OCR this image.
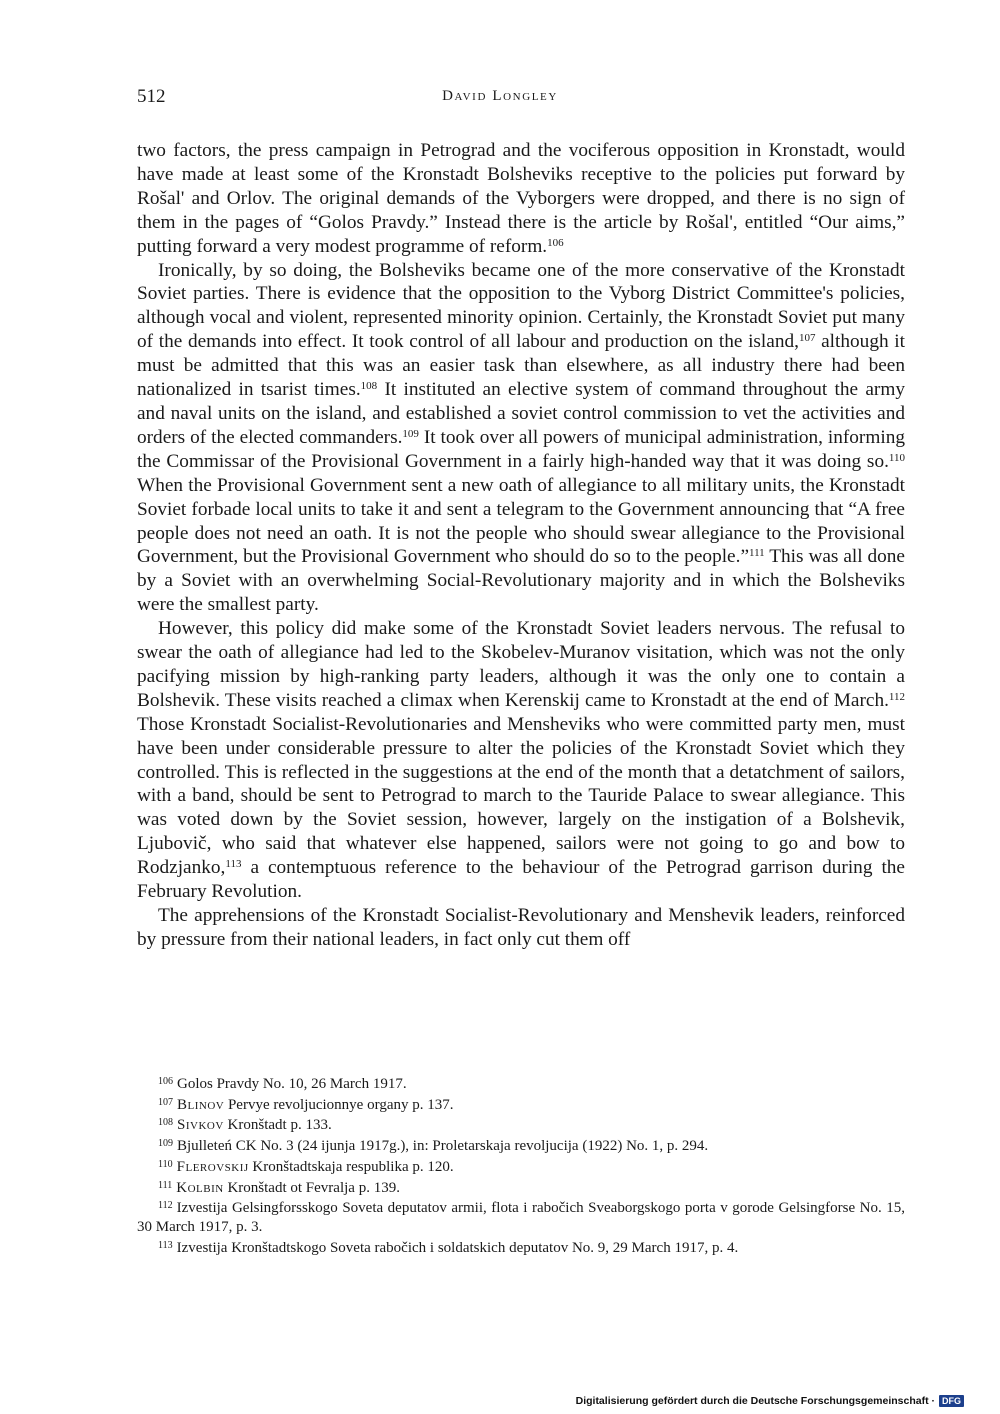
512	David Longley

two factors, the press campaign in Petrograd and the vociferous opposition in Kronstadt, would have made at least some of the Kronstadt Bolsheviks receptive to the policies put forward by Rošal' and Orlov. The original demands of the Vyborgers were dropped, and there is no sign of them in the pages of “Golos Pravdy.” Instead there is the article by Rošal', entitled “Our aims,” putting forward a very modest programme of reform.$^{106}$

Ironically, by so doing, the Bolsheviks became one of the more conservative of the Kronstadt Soviet parties. There is evidence that the opposition to the Vyborg District Committee's policies, although vocal and violent, represented minority opinion. Certainly, the Kronstadt Soviet put many of the demands into effect. It took control of all labour and production on the island,$^{107}$ although it must be admitted that this was an easier task than elsewhere, as all industry there had been nationalized in tsarist times.$^{108}$ It instituted an elective system of command throughout the army and naval units on the island, and established a soviet control commission to vet the activities and orders of the elected commanders.$^{109}$ It took over all powers of municipal administration, informing the Commissar of the Provisional Government in a fairly high-handed way that it was doing so.$^{110}$ When the Provisional Government sent a new oath of allegiance to all military units, the Kronstadt Soviet forbade local units to take it and sent a telegram to the Government announcing that “A free people does not need an oath. It is not the people who should swear allegiance to the Provisional Government, but the Provisional Government who should do so to the people.”$^{111}$ This was all done by a Soviet with an overwhelming Social-Revolutionary majority and in which the Bolsheviks were the smallest party.

However, this policy did make some of the Kronstadt Soviet leaders nervous. The refusal to swear the oath of allegiance had led to the Skobelev-Muranov visitation, which was not the only pacifying mission by high-ranking party leaders, although it was the only one to contain a Bolshevik. These visits reached a climax when Kerenskij came to Kronstadt at the end of March.$^{112}$ Those Kronstadt Socialist-Revolutionaries and Mensheviks who were committed party men, must have been under considerable pressure to alter the policies of the Kronstadt Soviet which they controlled. This is reflected in the suggestions at the end of the month that a detatchment of sailors, with a band, should be sent to Petrograd to march to the Tauride Palace to swear allegiance. This was voted down by the Soviet session, however, largely on the instigation of a Bolshevik, Ljubovič, who said that whatever else happened, sailors were not going to go and bow to Rodzjanko,$^{113}$ a contemptuous reference to the behaviour of the Petrograd garrison during the February Revolution.

The apprehensions of the Kronstadt Socialist-Revolutionary and Menshevik leaders, reinforced by pressure from their national leaders, in fact only cut them off

$^{106}$ Golos Pravdy No. 10, 26 March 1917.

$^{107}$ Blinov Pervye revoljucionnye organy p. 137.

$^{108}$ Sivkov Kronštadt p. 133.

$^{109}$ Bjulleteń CK No. 3 (24 ijunja 1917g.), in: Proletarskaja revoljucija (1922) No. 1, p. 294.

$^{110}$ Flerovskij Kronštadtskaja respublika p. 120.

$^{111}$ Kolbin Kronštadt ot Fevralja p. 139.

$^{112}$ Izvestija Gelsingforsskogo Soveta deputatov armii, flota i rabočich Sveaborgskogo porta v gorode Gelsingforse No. 15, 30 March 1917, p. 3.

$^{113}$ Izvestija Kronštadtskogo Soveta rabočich i soldatskich deputatov No. 9, 29 March 1917, p. 4.

Digitalisierung gefördert durch die Deutsche Forschungsgemeinschaft · DFG
